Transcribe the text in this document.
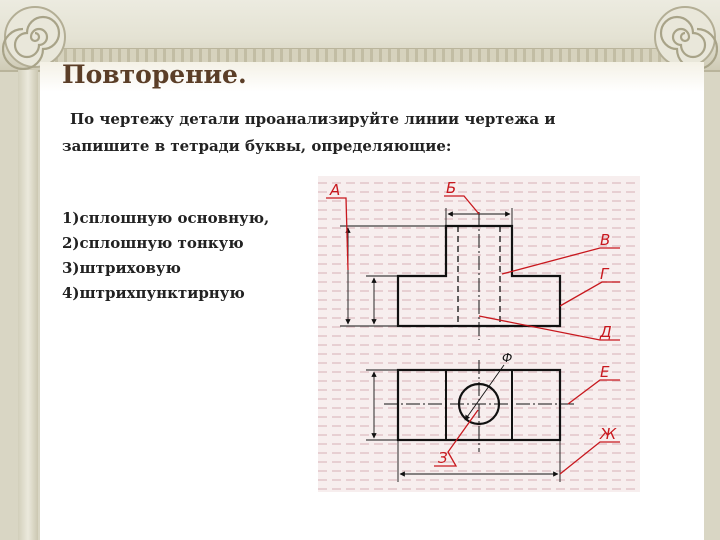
Повторение.
По чертежу детали проанализируйте линии чертежа и
запишите в тетради буквы, определяющие:
1)сплошную основную,
2)сплошную тонкую
3)штриховую
4)штрихпунктирную
А	Б
В
Г
Д
Е
Ж
З
Ф
